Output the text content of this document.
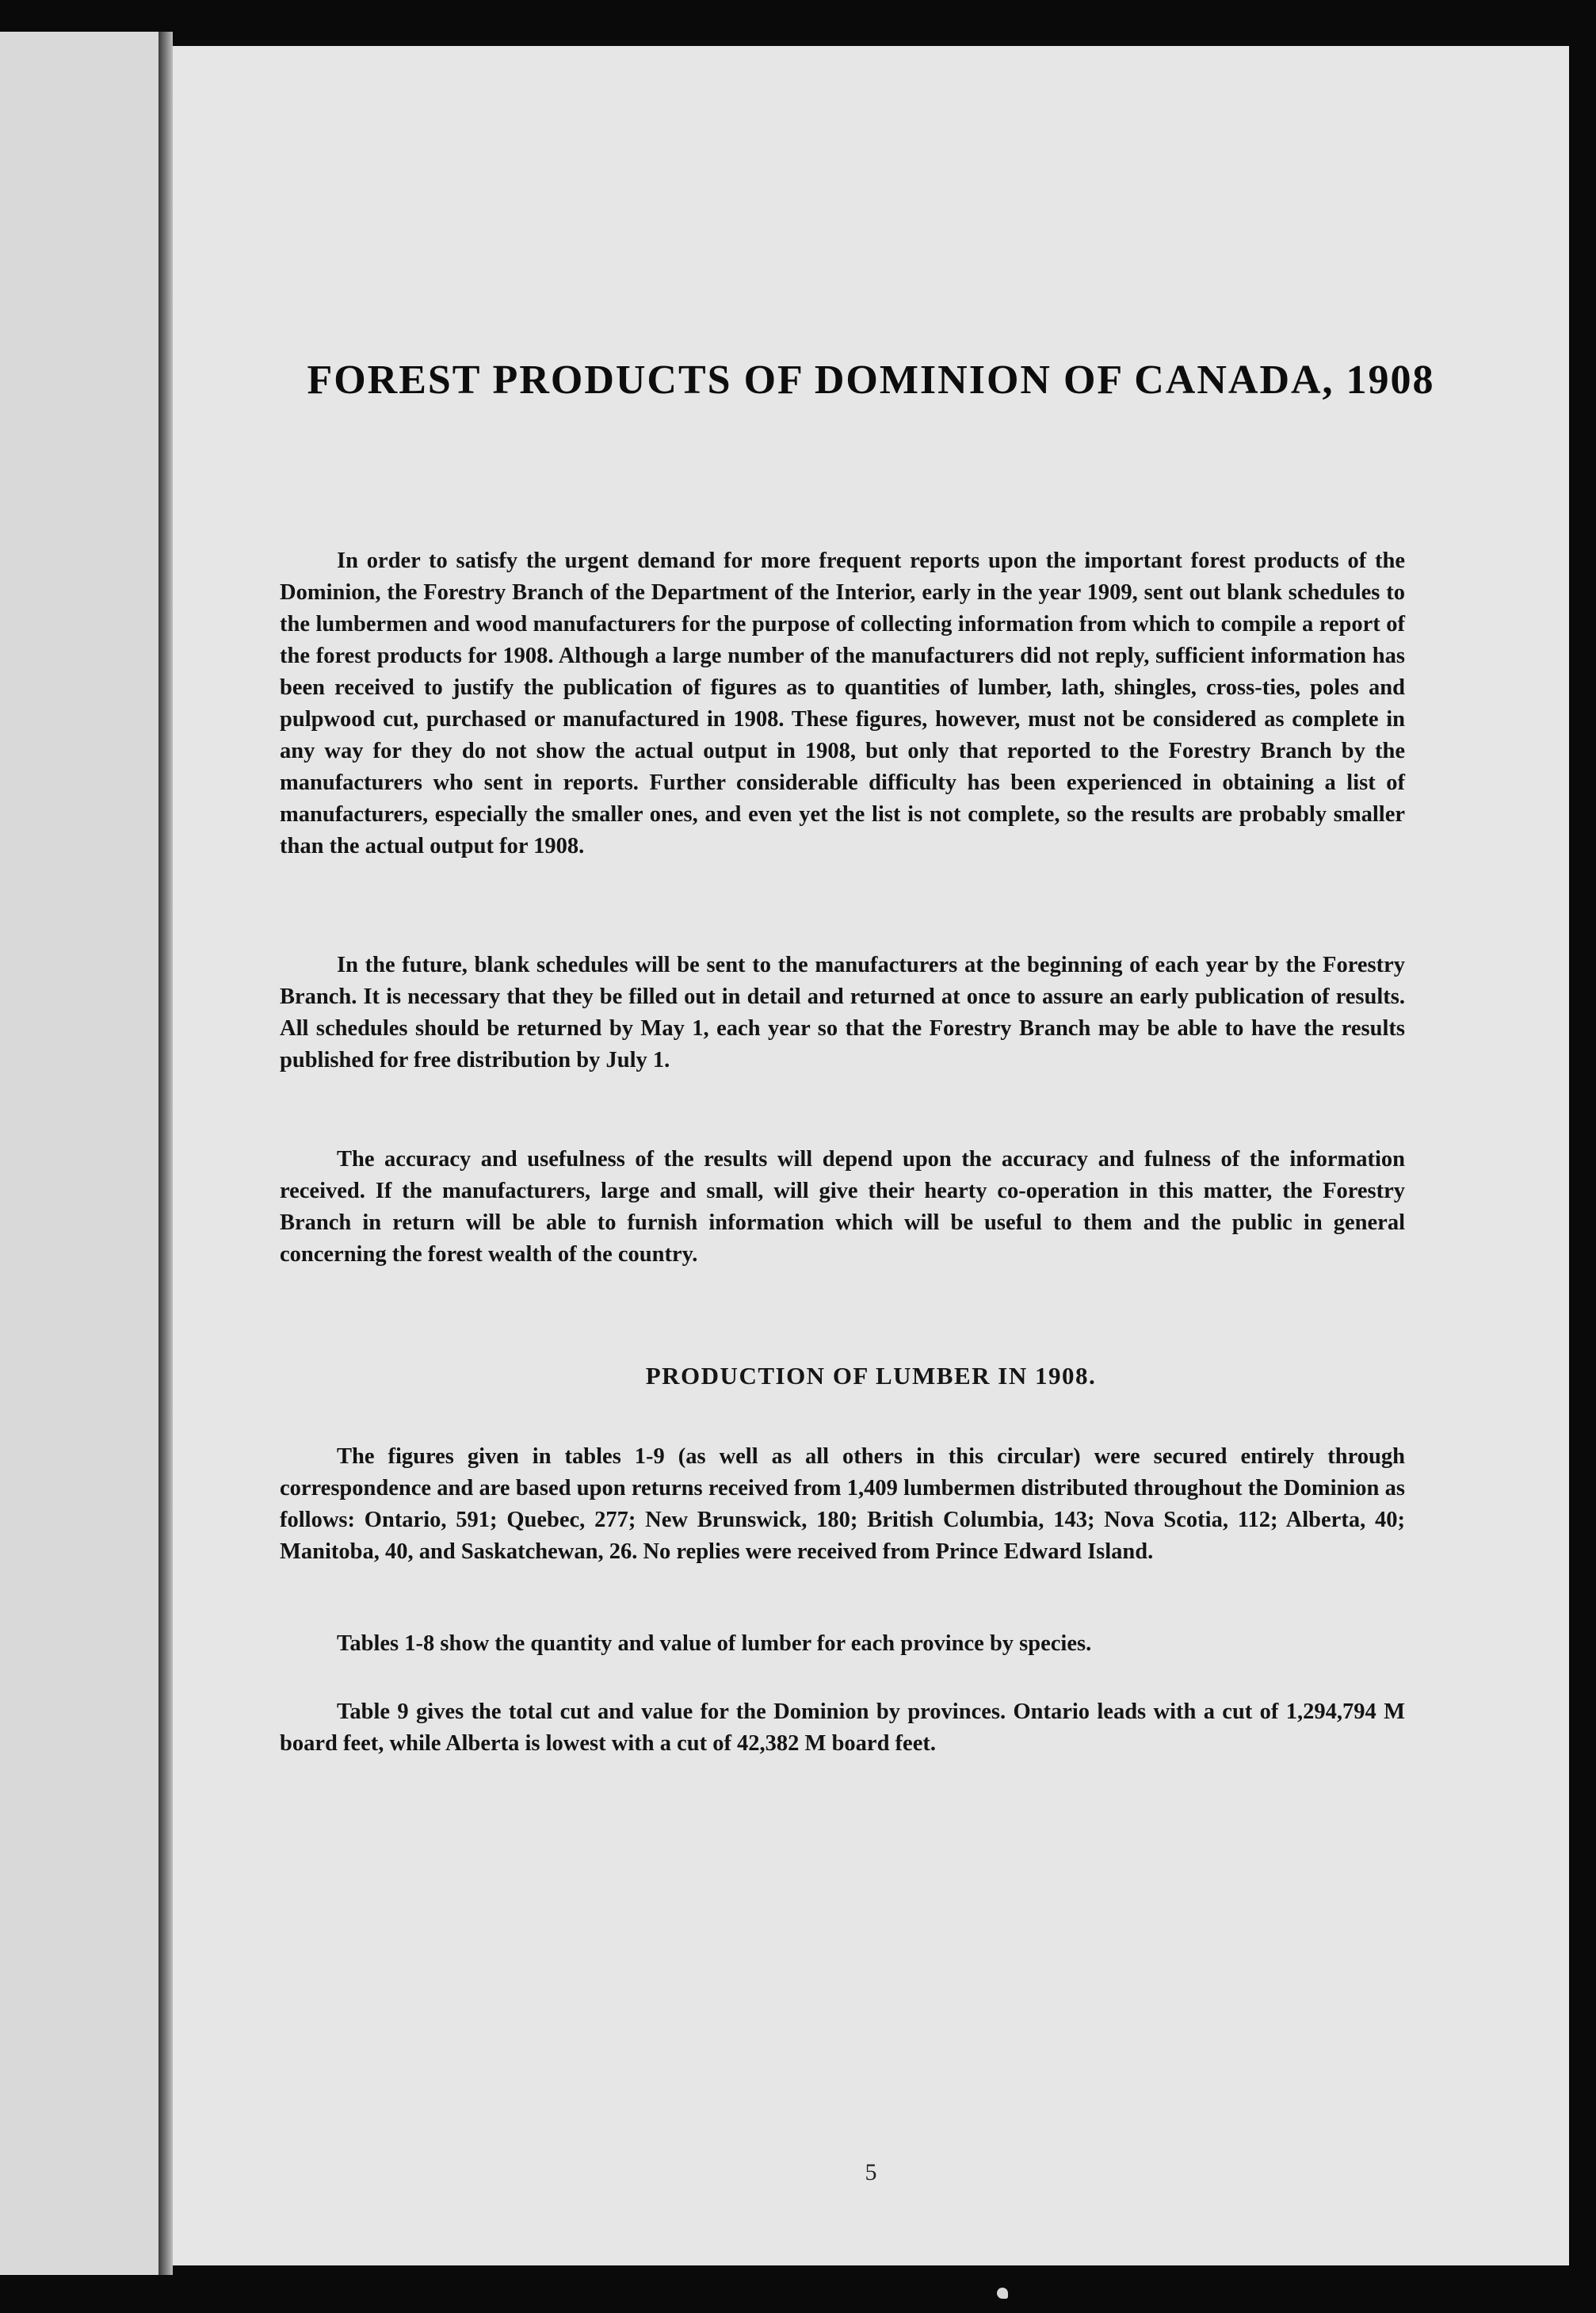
FOREST PRODUCTS OF DOMINION OF CANADA, 1908
In order to satisfy the urgent demand for more frequent reports upon the important forest products of the Dominion, the Forestry Branch of the Department of the Interior, early in the year 1909, sent out blank schedules to the lumbermen and wood manufacturers for the purpose of collecting information from which to compile a report of the forest products for 1908. Although a large number of the manufacturers did not reply, sufficient information has been received to justify the publication of figures as to quantities of lumber, lath, shingles, cross-ties, poles and pulpwood cut, purchased or manufactured in 1908. These figures, however, must not be considered as complete in any way for they do not show the actual output in 1908, but only that reported to the Forestry Branch by the manufacturers who sent in reports. Further considerable difficulty has been experienced in obtaining a list of manufacturers, especially the smaller ones, and even yet the list is not complete, so the results are probably smaller than the actual output for 1908.
In the future, blank schedules will be sent to the manufacturers at the beginning of each year by the Forestry Branch. It is necessary that they be filled out in detail and returned at once to assure an early publication of results. All schedules should be returned by May 1, each year so that the Forestry Branch may be able to have the results published for free distribution by July 1.
The accuracy and usefulness of the results will depend upon the accuracy and fulness of the information received. If the manufacturers, large and small, will give their hearty co-operation in this matter, the Forestry Branch in return will be able to furnish information which will be useful to them and the public in general concerning the forest wealth of the country.
PRODUCTION OF LUMBER IN 1908.
The figures given in tables 1-9 (as well as all others in this circular) were secured entirely through correspondence and are based upon returns received from 1,409 lumbermen distributed throughout the Dominion as follows: Ontario, 591; Quebec, 277; New Brunswick, 180; British Columbia, 143; Nova Scotia, 112; Alberta, 40; Manitoba, 40, and Saskatchewan, 26. No replies were received from Prince Edward Island.
Tables 1-8 show the quantity and value of lumber for each province by species.
Table 9 gives the total cut and value for the Dominion by provinces. Ontario leads with a cut of 1,294,794 M board feet, while Alberta is lowest with a cut of 42,382 M board feet.
5
